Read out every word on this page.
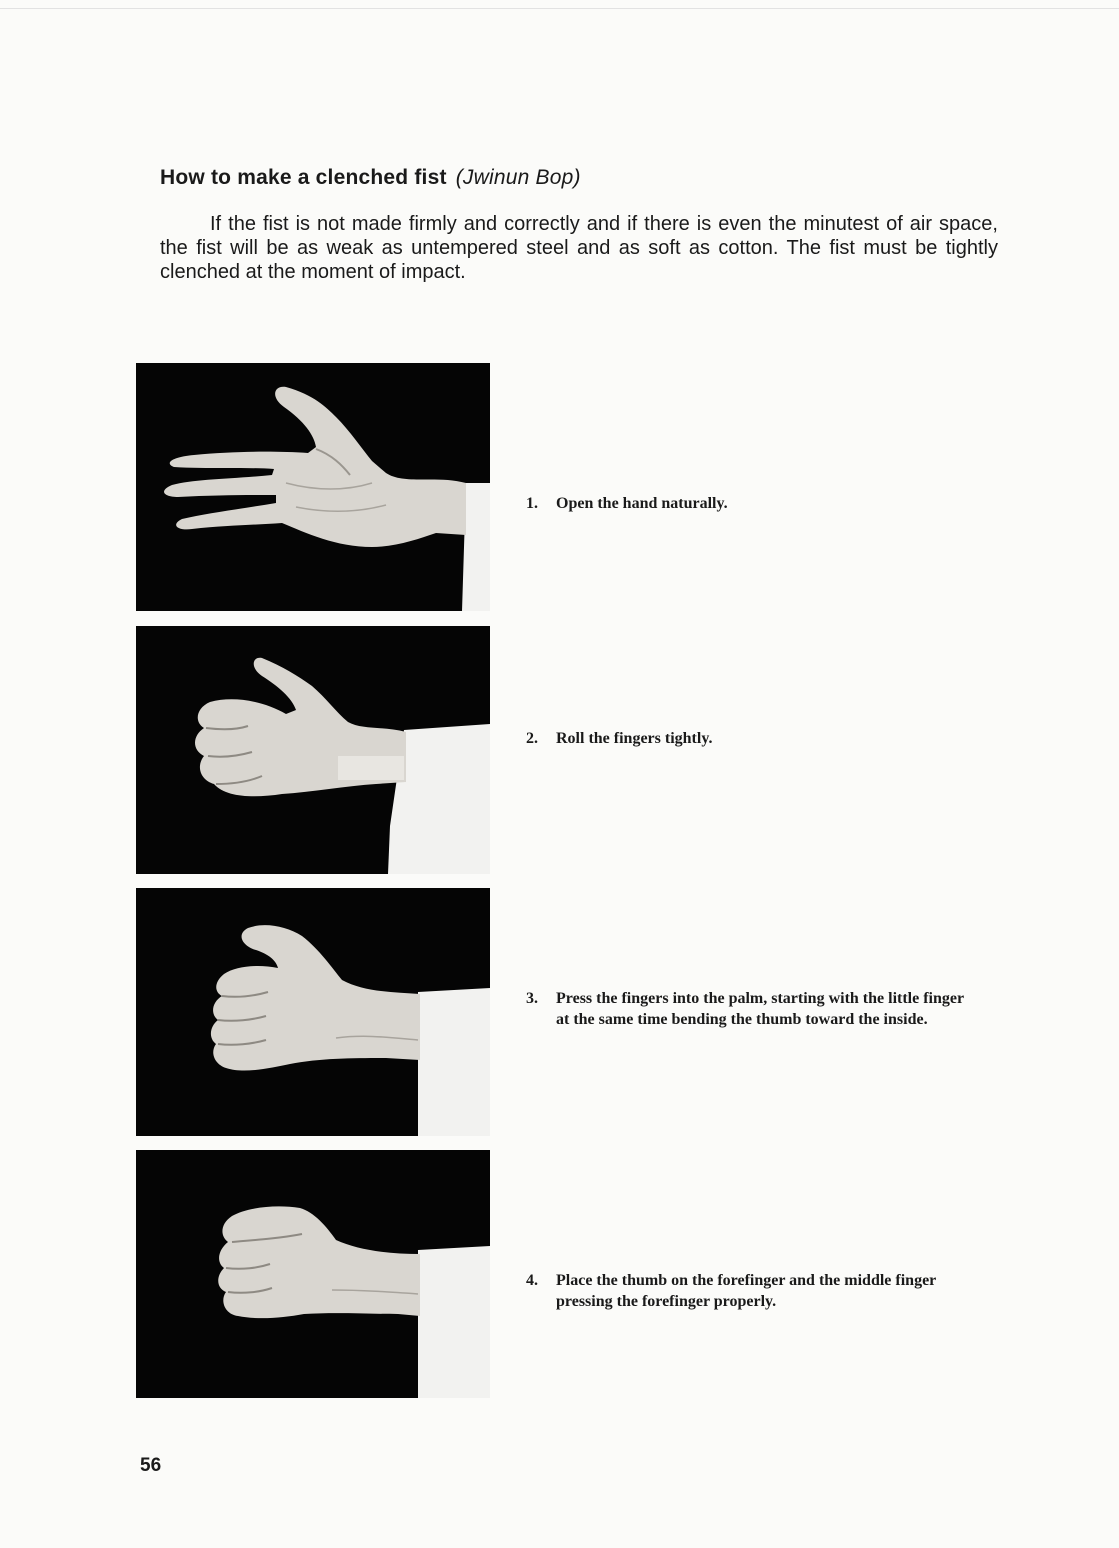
How to make a clenched fist (Jwinun Bop)

If the fist is not made firmly and correctly and if there is even the minutest of air space, the fist will be as weak as untempered steel and as soft as cotton. The fist must be tightly clenched at the moment of impact.

1.	Open the hand naturally.

2.	Roll the fingers tightly.

3.	Press the fingers into the palm, starting with the little finger at the same time bending the thumb toward the inside.

4.	Place the thumb on the forefinger and the middle finger pressing the forefinger properly.

56
